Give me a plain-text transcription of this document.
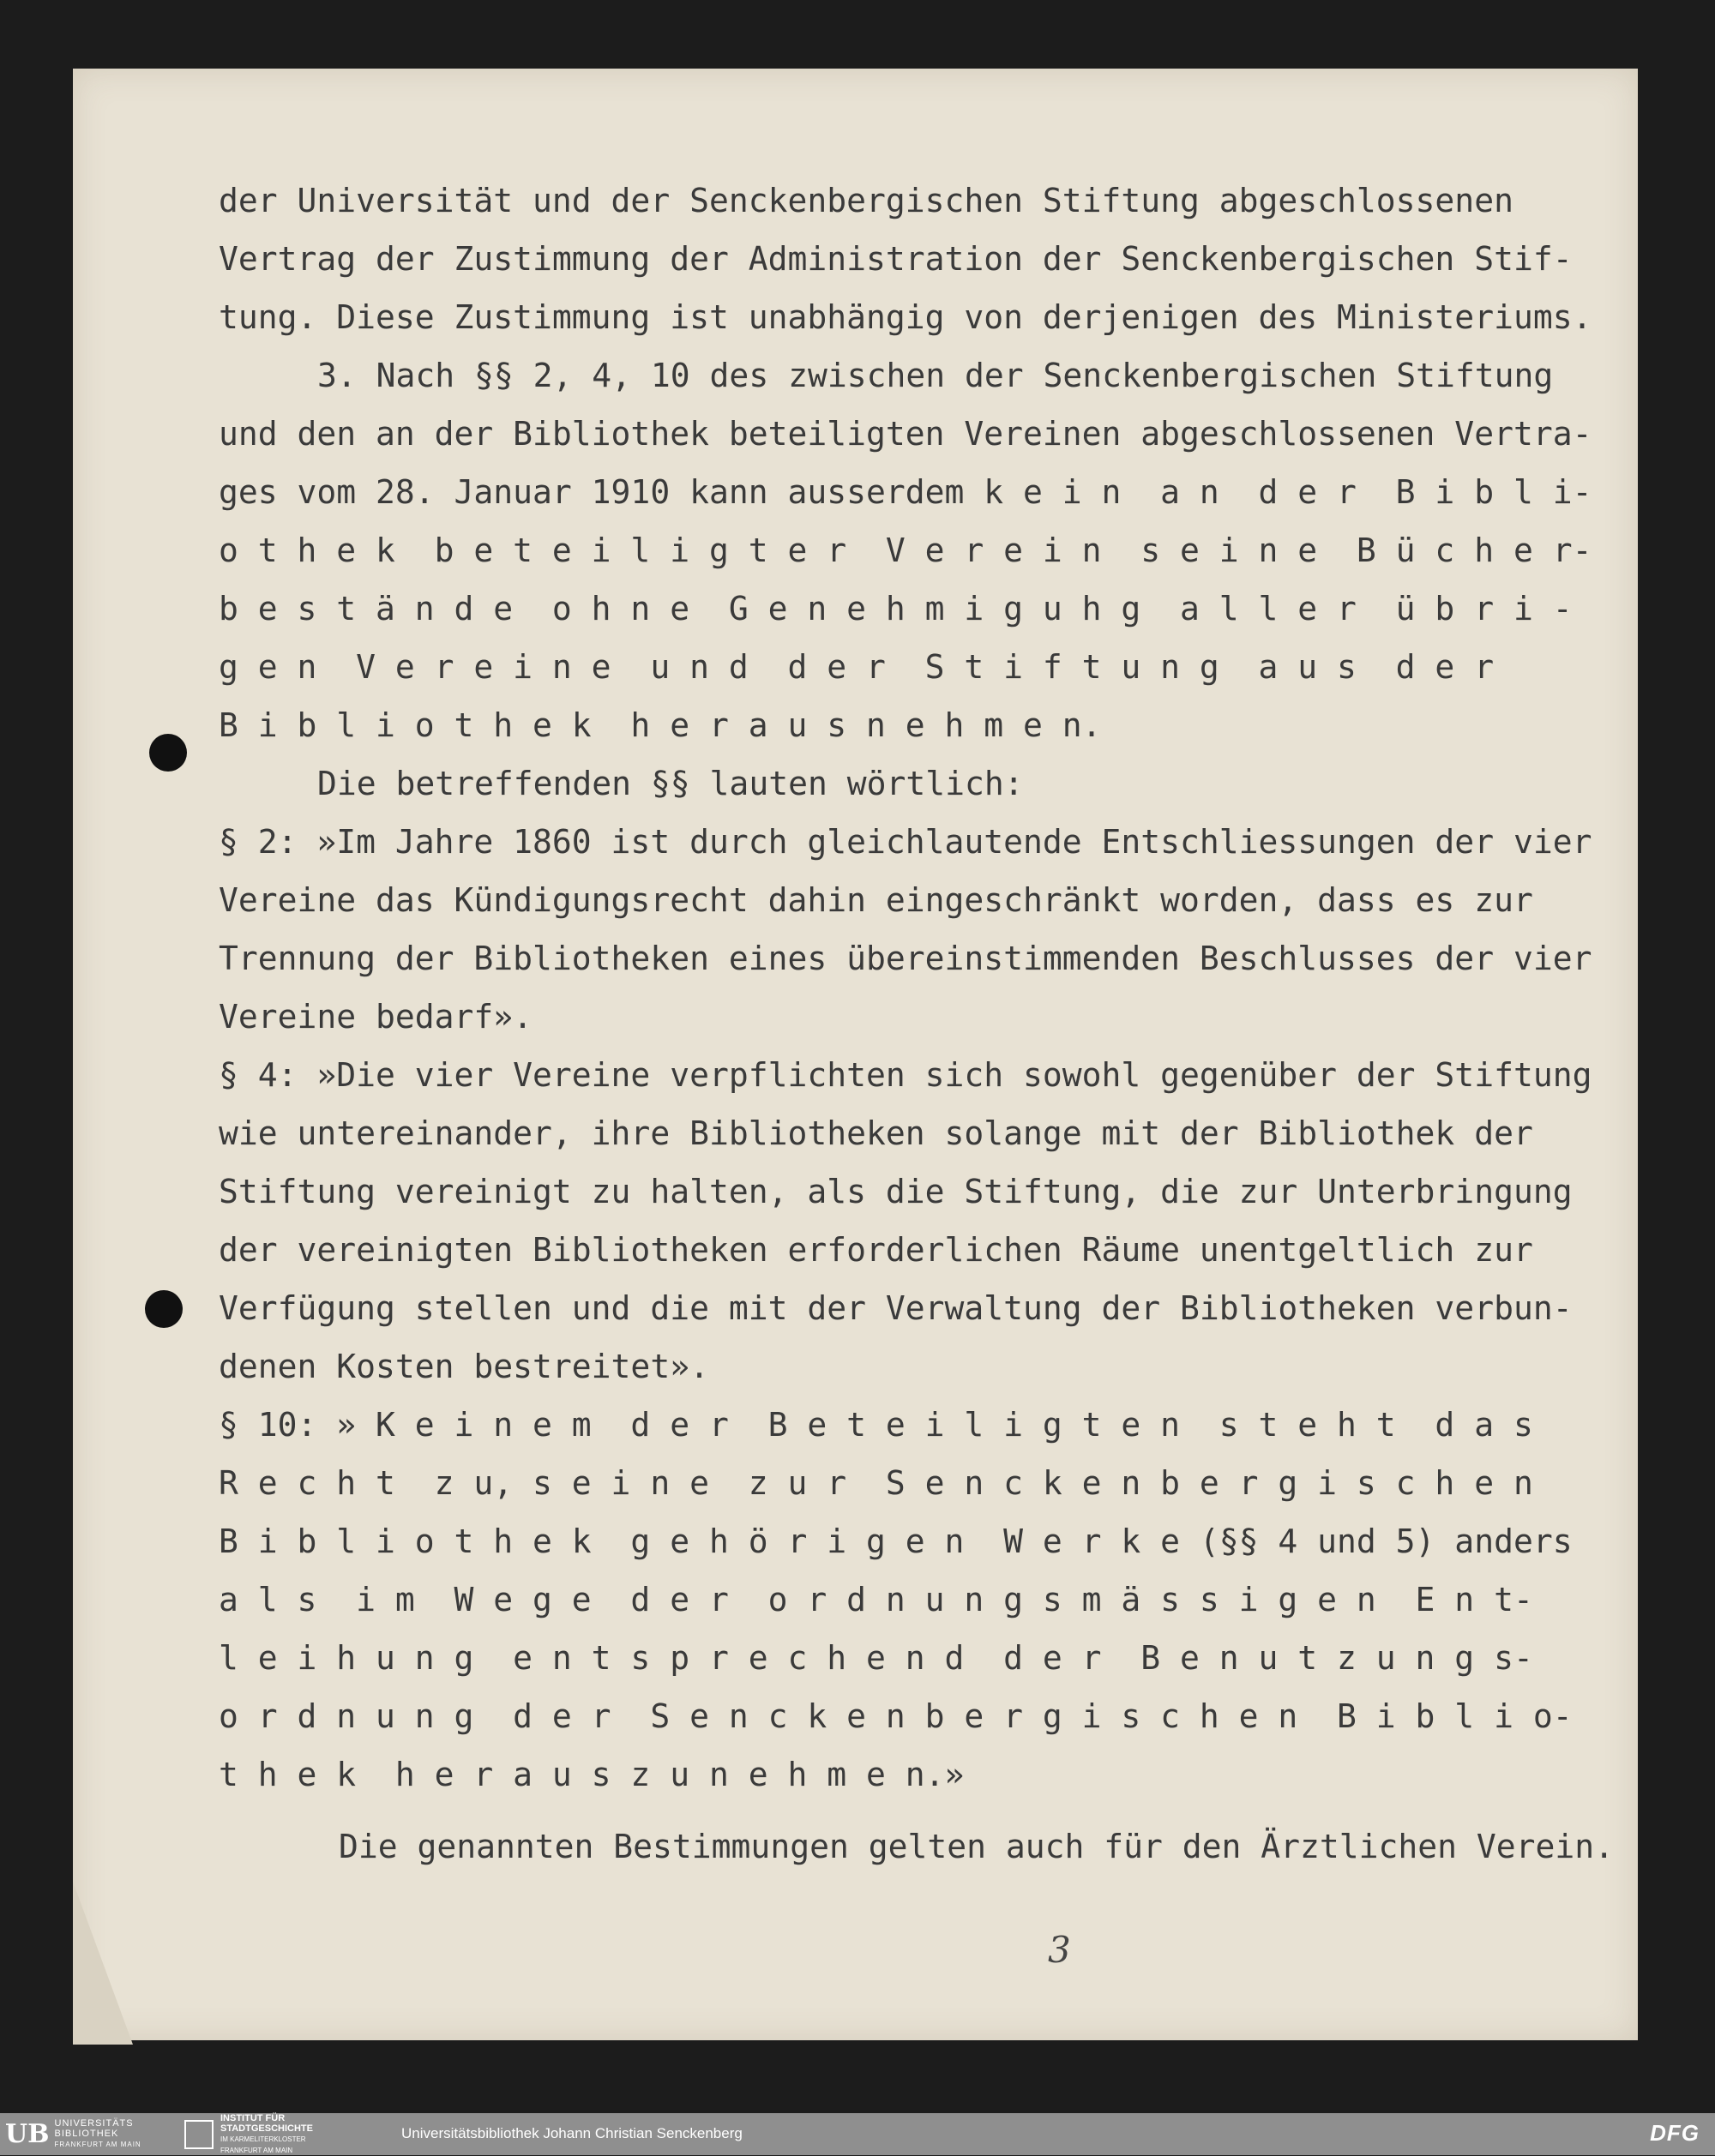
der Universität und der Senckenbergischen Stiftung abgeschlossenen
Vertrag der Zustimmung der Administration der Senckenbergischen Stif-
tung. Diese Zustimmung ist unabhängig von derjenigen des Ministeriums.
3. Nach §§ 2, 4, 10 des zwischen der Senckenbergischen Stiftung
und den an der Bibliothek beteiligten Vereinen abgeschlossenen Vertra-
ges vom 28. Januar 1910 kann ausserdem k e i n  a n  d e r  B i b l i-
o t h e k  b e t e i l i g t e r  V e r e i n  s e i n e  B ü c h e r-
b e s t ä n d e  o h n e  G e n e h m i g u h g  a l l e r  ü b r i -
g e n  V e r e i n e  u n d  d e r  S t i f t u n g  a u s  d e r
B i b l i o t h e k  h e r a u s n e h m e n.
Die betreffenden §§ lauten wörtlich:
§ 2: »Im Jahre 1860 ist durch gleichlautende Entschliessungen der vier
Vereine das Kündigungsrecht dahin eingeschränkt worden, dass es zur
Trennung der Bibliotheken eines übereinstimmenden Beschlusses der vier
Vereine bedarf».
§ 4: »Die vier Vereine verpflichten sich sowohl gegenüber der Stiftung
wie untereinander, ihre Bibliotheken solange mit der Bibliothek der
Stiftung vereinigt zu halten, als die Stiftung, die zur Unterbringung
der vereinigten Bibliotheken erforderlichen Räume unentgeltlich zur
Verfügung stellen und die mit der Verwaltung der Bibliotheken verbun-
denen Kosten bestreitet».
§ 10: » K e i n e m  d e r  B e t e i l i g t e n  s t e h t  d a s
R e c h t  z u, s e i n e  z u r  S e n c k e n b e r g i s c h e n
B i b l i o t h e k  g e h ö r i g e n  W e r k e (§§ 4 und 5) anders
a l s  i m  W e g e  d e r  o r d n u n g s m ä s s i g e n  E n t-
l e i h u n g  e n t s p r e c h e n d  d e r  B e n u t z u n g s-
o r d n u n g  d e r  S e n c k e n b e r g i s c h e n  B i b l i o-
t h e k  h e r a u s z u n e h m e n.»
Die genannten Bestimmungen gelten auch für den Ärztlichen Verein.
3
UB UNIVERSITÄTS
BIBLIOTHEK
FRANKFURT AM MAIN
INSTITUT FÜR
STADTGESCHICHTE
IM KARMELITERKLOSTER
FRANKFURT AM MAIN
Universitätsbibliothek Johann Christian Senckenberg	DFG
